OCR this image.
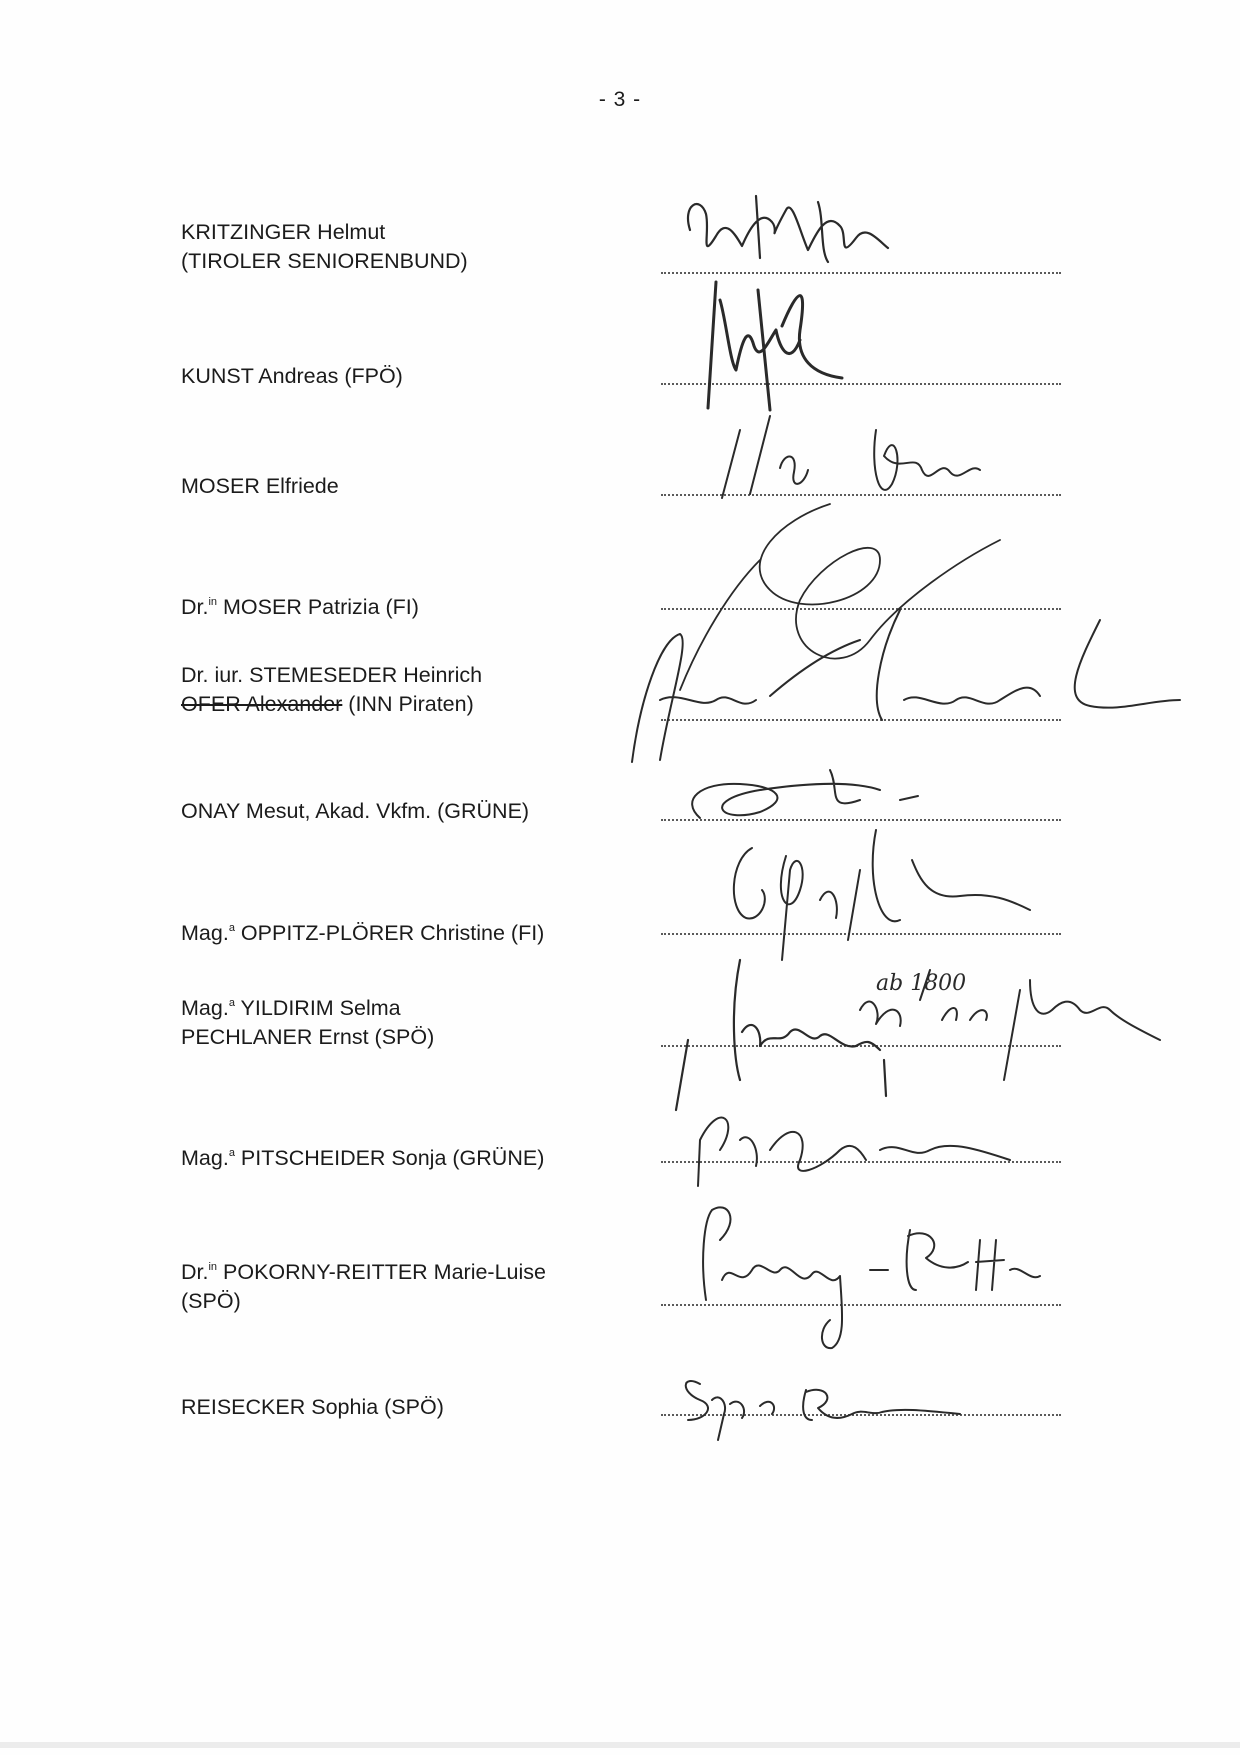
- 3 -
KRITZINGER Helmut
(TIROLER SENIORENBUND)
KUNST Andreas (FPÖ)
MOSER Elfriede
Dr.$^{in}$ MOSER Patrizia (FI)
Dr. iur. STEMESEDER Heinrich
OFER Alexander (INN Piraten)
ONAY Mesut, Akad. Vkfm. (GRÜNE)
Mag.$^a$ OPPITZ-PLÖRER Christine (FI)
Mag.$^a$ YILDIRIM Selma
PECHLANER Ernst (SPÖ)
Mag.$^a$ PITSCHEIDER Sonja (GRÜNE)
Dr.$^{in}$ POKORNY-REITTER Marie-Luise
(SPÖ)
REISECKER Sophia (SPÖ)
ab 1800
